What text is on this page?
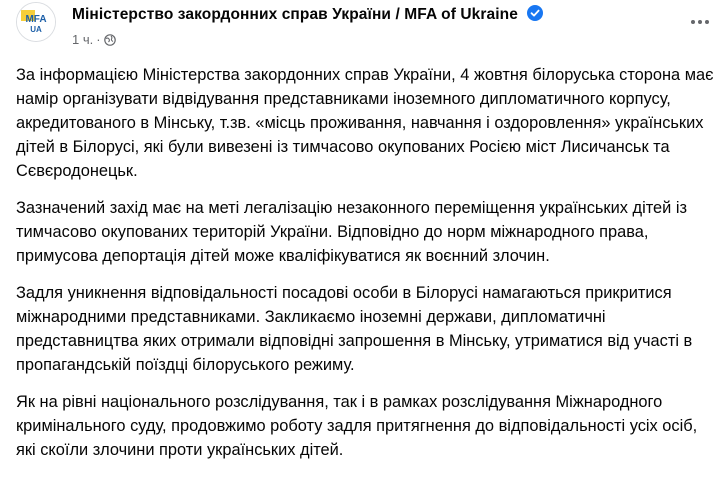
MFA
UA
Міністерство закордонних справ України / MFA of Ukraine
1 ч. ·

За інформацією Міністерства закордонних справ України, 4 жовтня білоруська сторона має намір організувати відвідування представниками іноземного дипломатичного корпусу, акредитованого в Мінську, т.зв. «місць проживання, навчання і оздоровлення» українських дітей в Білорусі, які були вивезені із тимчасово окупованих Росією міст Лисичанськ та Сєвєродонецьк.

Зазначений захід має на меті легалізацію незаконного переміщення українських дітей із тимчасово окупованих територій України. Відповідно до норм міжнародного права, примусова депортація дітей може кваліфікуватися як воєнний злочин.

Задля уникнення відповідальності посадові особи в Білорусі намагаються прикритися міжнародними представниками. Закликаємо іноземні держави, дипломатичні представництва яких отримали відповідні запрошення в Мінську, утриматися від участі в пропагандській поїздці білоруського режиму.

Як на рівні національного розслідування, так і в рамках розслідування Міжнародного кримінального суду, продовжимо роботу задля притягнення до відповідальності усіх осіб, які скоїли злочини проти українських дітей.
